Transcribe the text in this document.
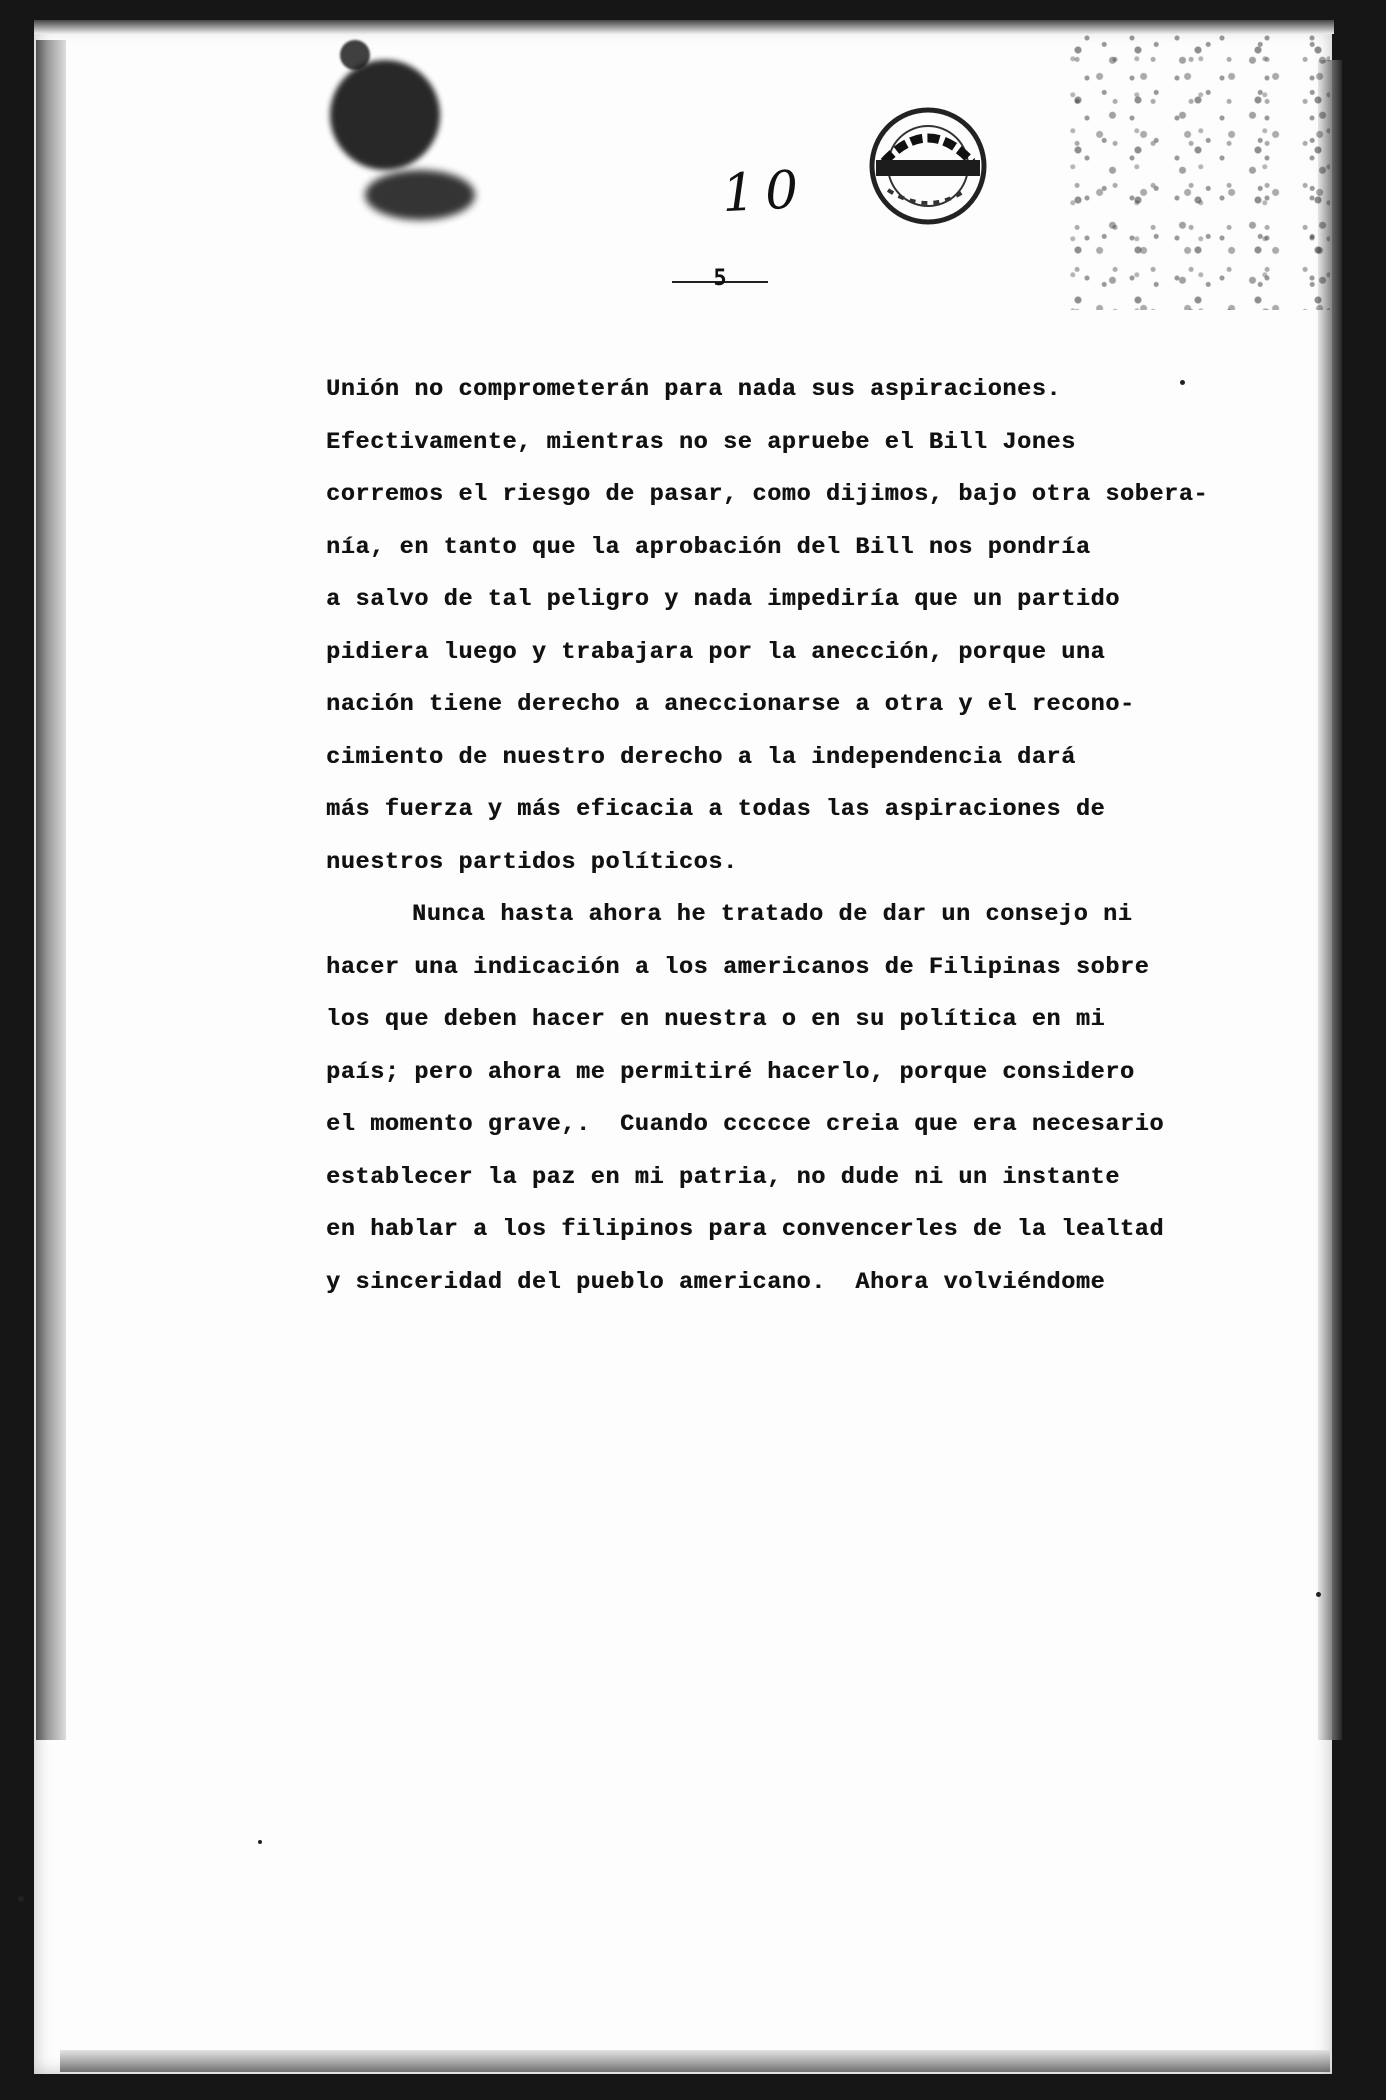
10
5
Unión no comprometerán para nada sus aspiraciones.
Efectivamente, mientras no se apruebe el Bill Jones
corremos el riesgo de pasar, como dijimos, bajo otra sobera-
nía, en tanto que la aprobación del Bill nos pondría
a salvo de tal peligro y nada impediría que un partido
pidiera luego y trabajara por la anección, porque una
nación tiene derecho a aneccionarse a otra y el recono-
cimiento de nuestro derecho a la independencia dará
más fuerza y más eficacia a todas las aspiraciones de
nuestros partidos políticos.
Nunca hasta ahora he tratado de dar un consejo ni
hacer una indicación a los americanos de Filipinas sobre
los que deben hacer en nuestra o en su política en mi
país; pero ahora me permitiré hacerlo, porque considero
el momento grave,.  Cuando ccccce creia que era necesario
establecer la paz en mi patria, no dude ni un instante
en hablar a los filipinos para convencerles de la lealtad
y sinceridad del pueblo americano.  Ahora volviéndome
